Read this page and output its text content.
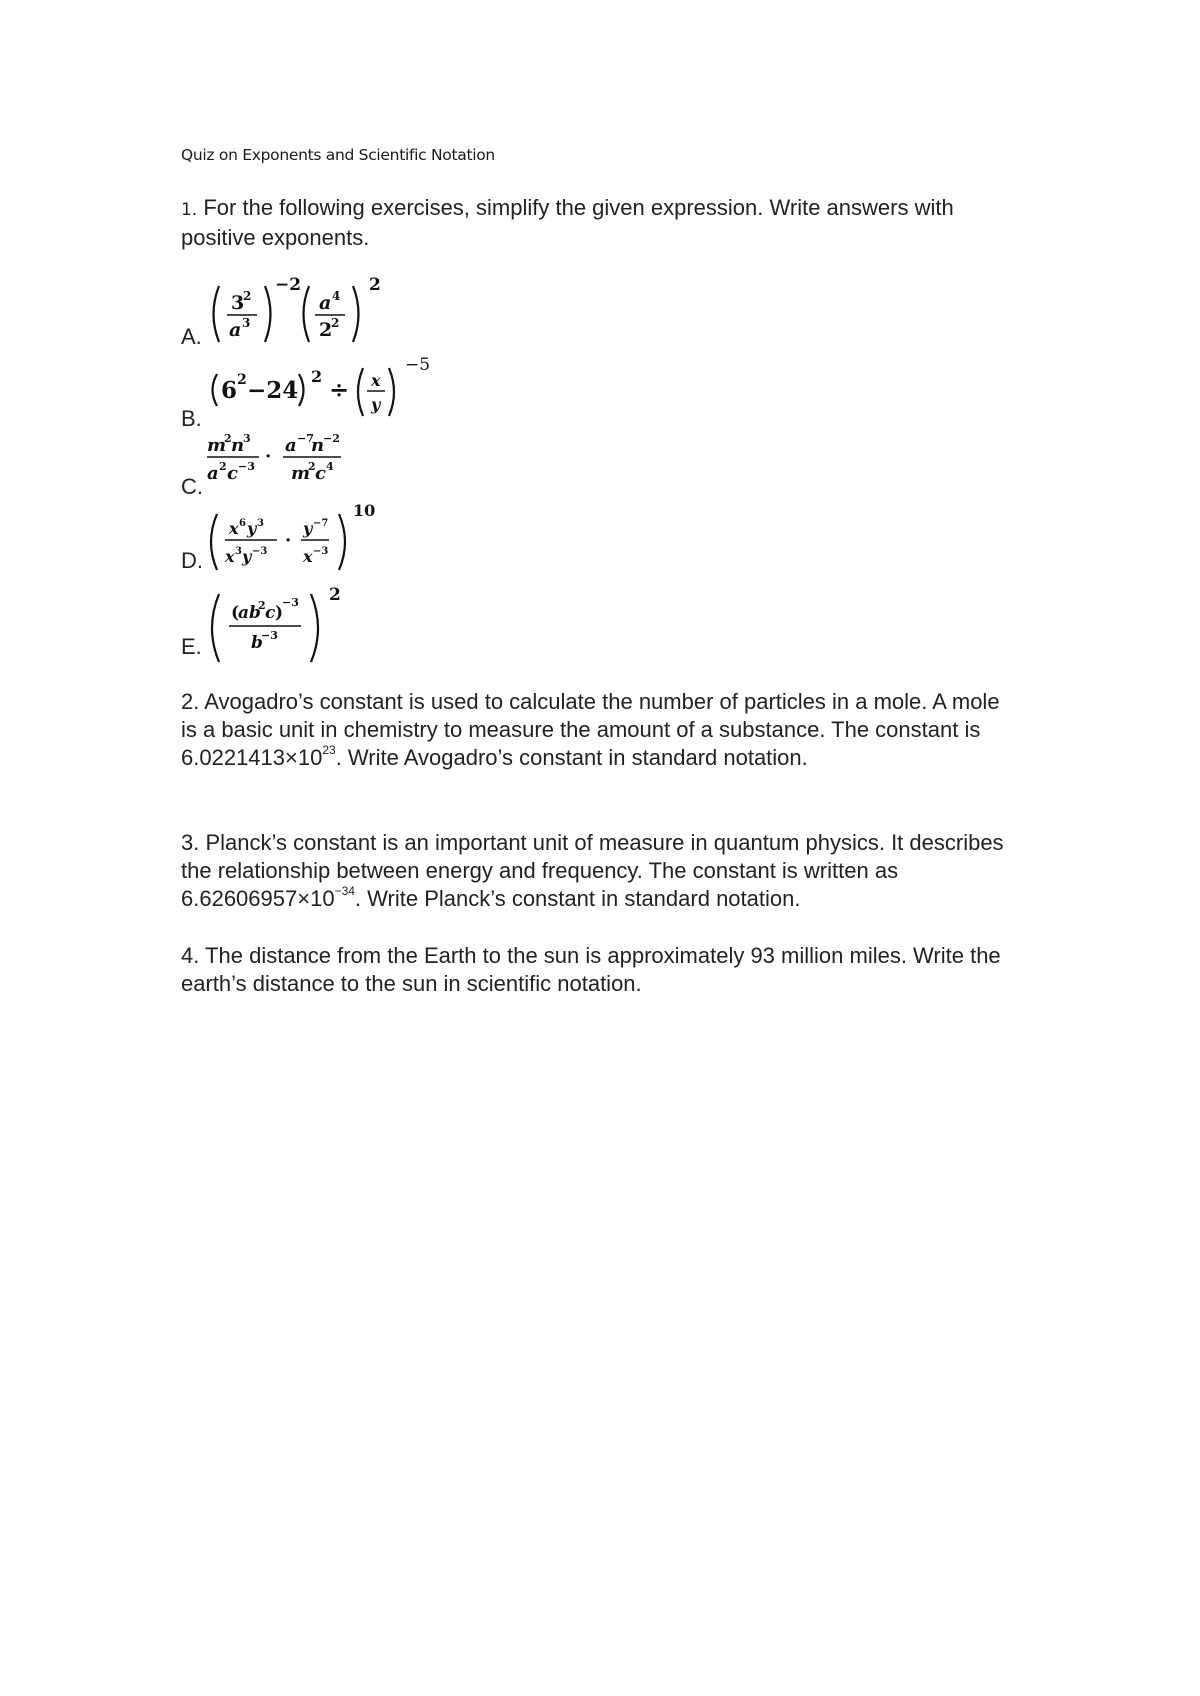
Quiz on Exponents and Scientific Notation
1. For the following exercises, simplify the given expression. Write answers with positive exponents.
A.
3
2
a 3
−2
a 4
2
2
2
B.
6 2 −24
2 ÷ x
y
−5
C.
m
2 n
3
a 2 c −3 ·
a −7
n
−2
m
2 c 4
D.
x 6 y 3
x 3 y −3
·
y −7
x −3
10
E.
(
ab
2 c )
−3
b
−3
2
2. Avogadro’s constant is used to calculate the number of particles in a mole. A mole is a basic unit in chemistry to measure the amount of a substance. The constant is $6.0221413\times 10^{23}$. Write Avogadro’s constant in standard notation.
3. Planck’s constant is an important unit of measure in quantum physics. It describes the relationship between energy and frequency. The constant is written as $6.62606957\times 10^{-34}$. Write Planck’s constant in standard notation.
4. The distance from the Earth to the sun is approximately 93 million miles. Write the earth’s distance to the sun in scientific notation.
